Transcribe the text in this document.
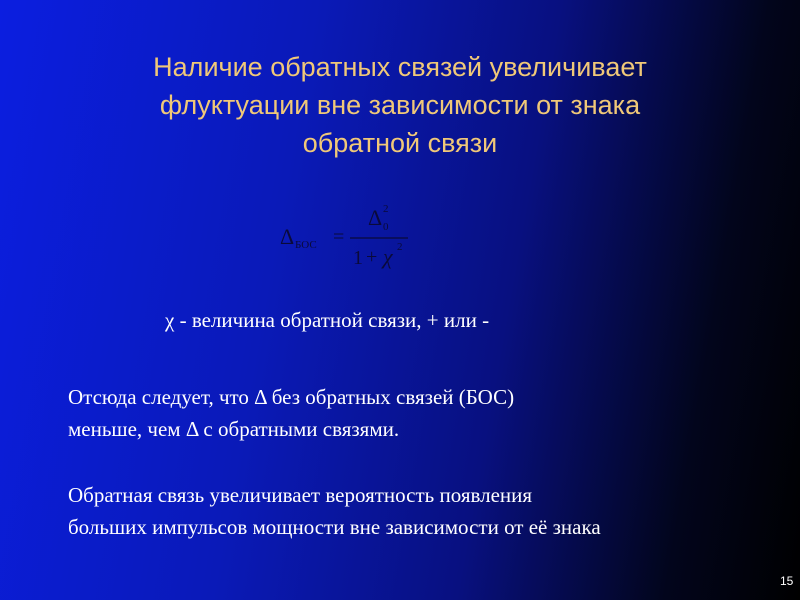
Наличие обратных связей увеличивает
флуктуации вне зависимости от знака
обратной связи
Δ БОС =
Δ 0
2
1 + χ 2
χ - величина обратной связи, + или -
Отсюда следует, что Δ без обратных связей (БОС)
меньше, чем Δ с обратными связями.
Обратная связь увеличивает вероятность появления
больших импульсов мощности вне зависимости от её знака
15
